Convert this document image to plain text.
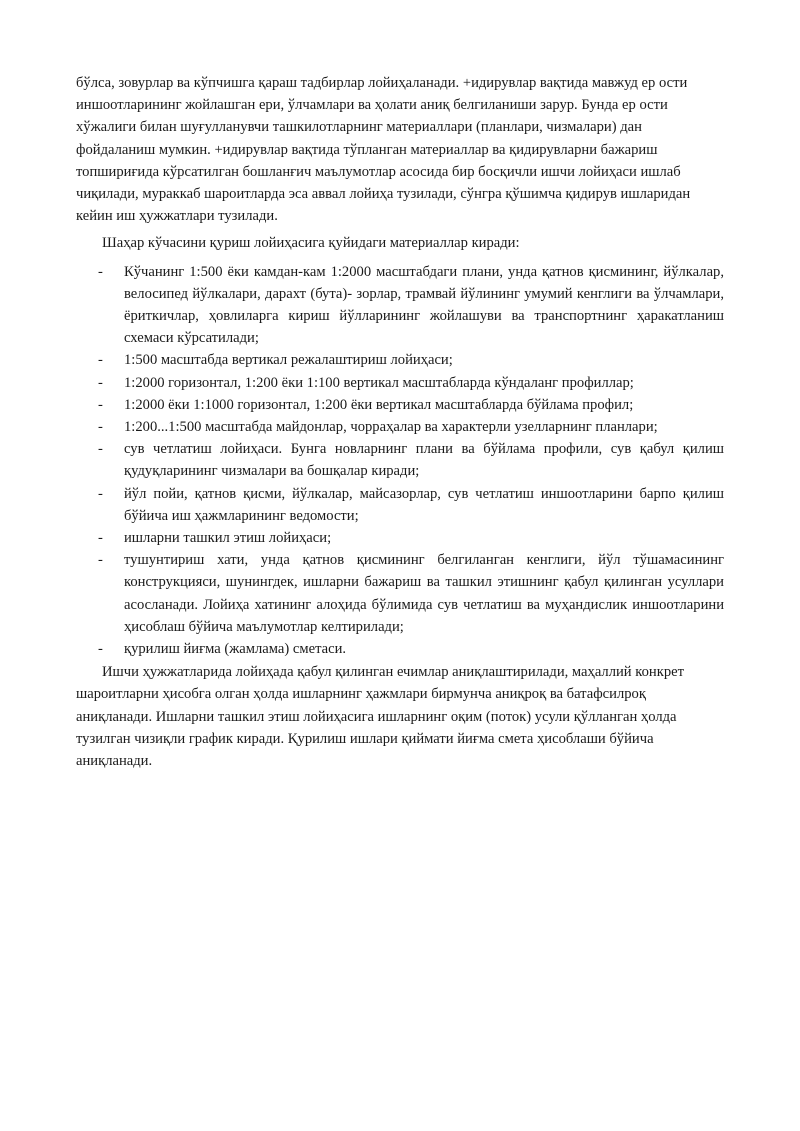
бўлса, зовурлар ва кўпчишга қараш тадбирлар лойиҳаланади. +идирувлар вақтида мавжуд ер ости иншоотларининг жойлашган ери, ўлчамлари ва ҳолати аниқ белгиланиши зарур. Бунда ер ости хўжалиги билан шуғулланувчи ташкилотларнинг материаллари (планлари, чизмалари) дан фойдаланиш мумкин. +идирувлар вақтида тўпланган материаллар ва қидирувларни бажариш топшириғида кўрсатилган бошланғич маълумотлар асосида бир босқичли ишчи лойиҳаси ишлаб чиқилади, мураккаб шароитларда эса аввал лойиҳа тузилади, сўнгра қўшимча қидирув ишларидан кейин иш ҳужжатлари тузилади.

Шаҳар кўчасини қуриш лойиҳасига қуйидаги материаллар киради:

- Кўчанинг 1:500 ёки камдан-кам 1:2000 масштабдаги плани, унда қатнов қисмининг, йўлкалар, велосипед йўлкалари, дарахт (бута)- зорлар, трамвай йўлининг умумий кенглиги ва ўлчамлари, ёриткичлар, ҳовлиларга кириш йўлларининг жойлашуви ва транспортнинг ҳаракатланиш схемаси кўрсатилади;
- 1:500 масштабда вертикал режалаштириш лойиҳаси;
- 1:2000 горизонтал, 1:200 ёки 1:100 вертикал масштабларда кўндаланг профиллар;
- 1:2000 ёки 1:1000 горизонтал, 1:200 ёки вертикал масштабларда бўйлама профил;
- 1:200...1:500 масштабда майдонлар, чорраҳалар ва характерли узелларнинг планлари;
- сув четлатиш лойиҳаси. Бунга новларнинг плани ва бўйлама профили, сув қабул қилиш қудуқларининг чизмалари ва бошқалар киради;
- йўл пойи, қатнов қисми, йўлкалар, майсазорлар, сув четлатиш иншоотларини барпо қилиш бўйича иш ҳажмларининг ведомости;
- ишларни ташкил этиш лойиҳаси;
- тушунтириш хати, унда қатнов қисмининг белгиланган кенглиги, йўл тўшамасининг конструкцияси, шунингдек, ишларни бажариш ва ташкил этишнинг қабул қилинган усуллари асосланади. Лойиҳа хатининг алоҳида бўлимида сув четлатиш ва муҳандислик иншоотларини ҳисоблаш бўйича маълумотлар келтирилади;
- қурилиш йиғма (жамлама) сметаси.

Ишчи ҳужжатларида лойиҳада қабул қилинган ечимлар аниқлаштирилади, маҳаллий конкрет шароитларни ҳисобга олган ҳолда ишларнинг ҳажмлари бирмунча аниқроқ ва батафсилроқ аниқланади. Ишларни ташкил этиш лойиҳасига ишларнинг оқим (поток) усули қўлланган ҳолда тузилган чизиқли график киради. Қурилиш ишлари қиймати йиғма смета ҳисоблаши бўйича аниқланади.
